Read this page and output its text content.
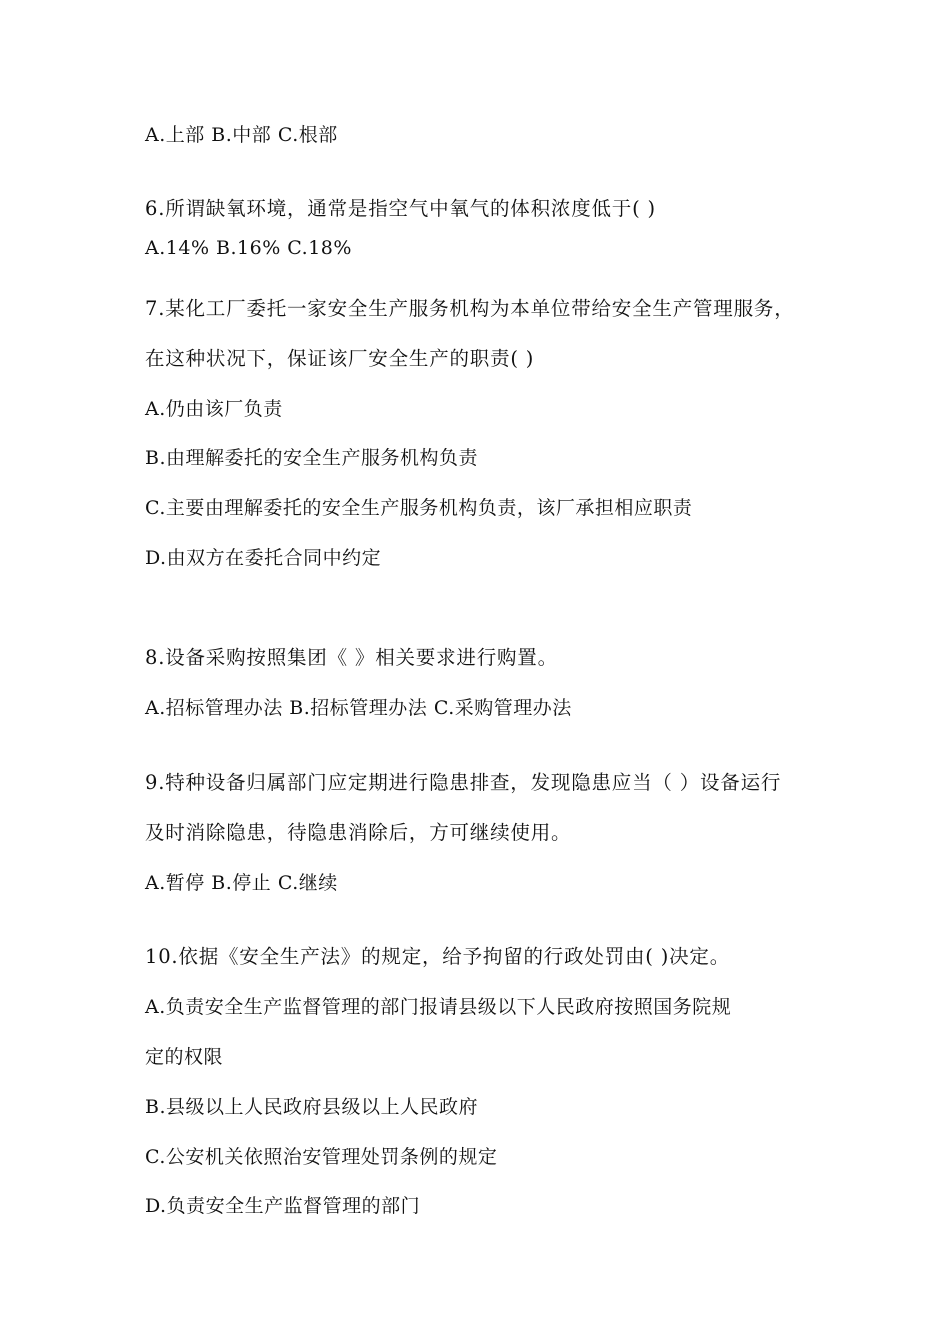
A.上部 B.中部 C.根部
6.所谓缺氧环境，通常是指空气中氧气的体积浓度低于( )
A.14% B.16% C.18%
7.某化工厂委托一家安全生产服务机构为本单位带给安全生产管理服务，
在这种状况下，保证该厂安全生产的职责( )
A.仍由该厂负责
B.由理解委托的安全生产服务机构负责
C.主要由理解委托的安全生产服务机构负责，该厂承担相应职责
D.由双方在委托合同中约定
8.设备采购按照集团《 》相关要求进行购置。
A.招标管理办法 B.招标管理办法 C.采购管理办法
9.特种设备归属部门应定期进行隐患排查，发现隐患应当（ ）设备运行
及时消除隐患，待隐患消除后，方可继续使用。
A.暂停 B.停止 C.继续
10.依据《安全生产法》的规定，给予拘留的行政处罚由( )决定。
A.负责安全生产监督管理的部门报请县级以下人民政府按照国务院规
定的权限
B.县级以上人民政府县级以上人民政府
C.公安机关依照治安管理处罚条例的规定
D.负责安全生产监督管理的部门
